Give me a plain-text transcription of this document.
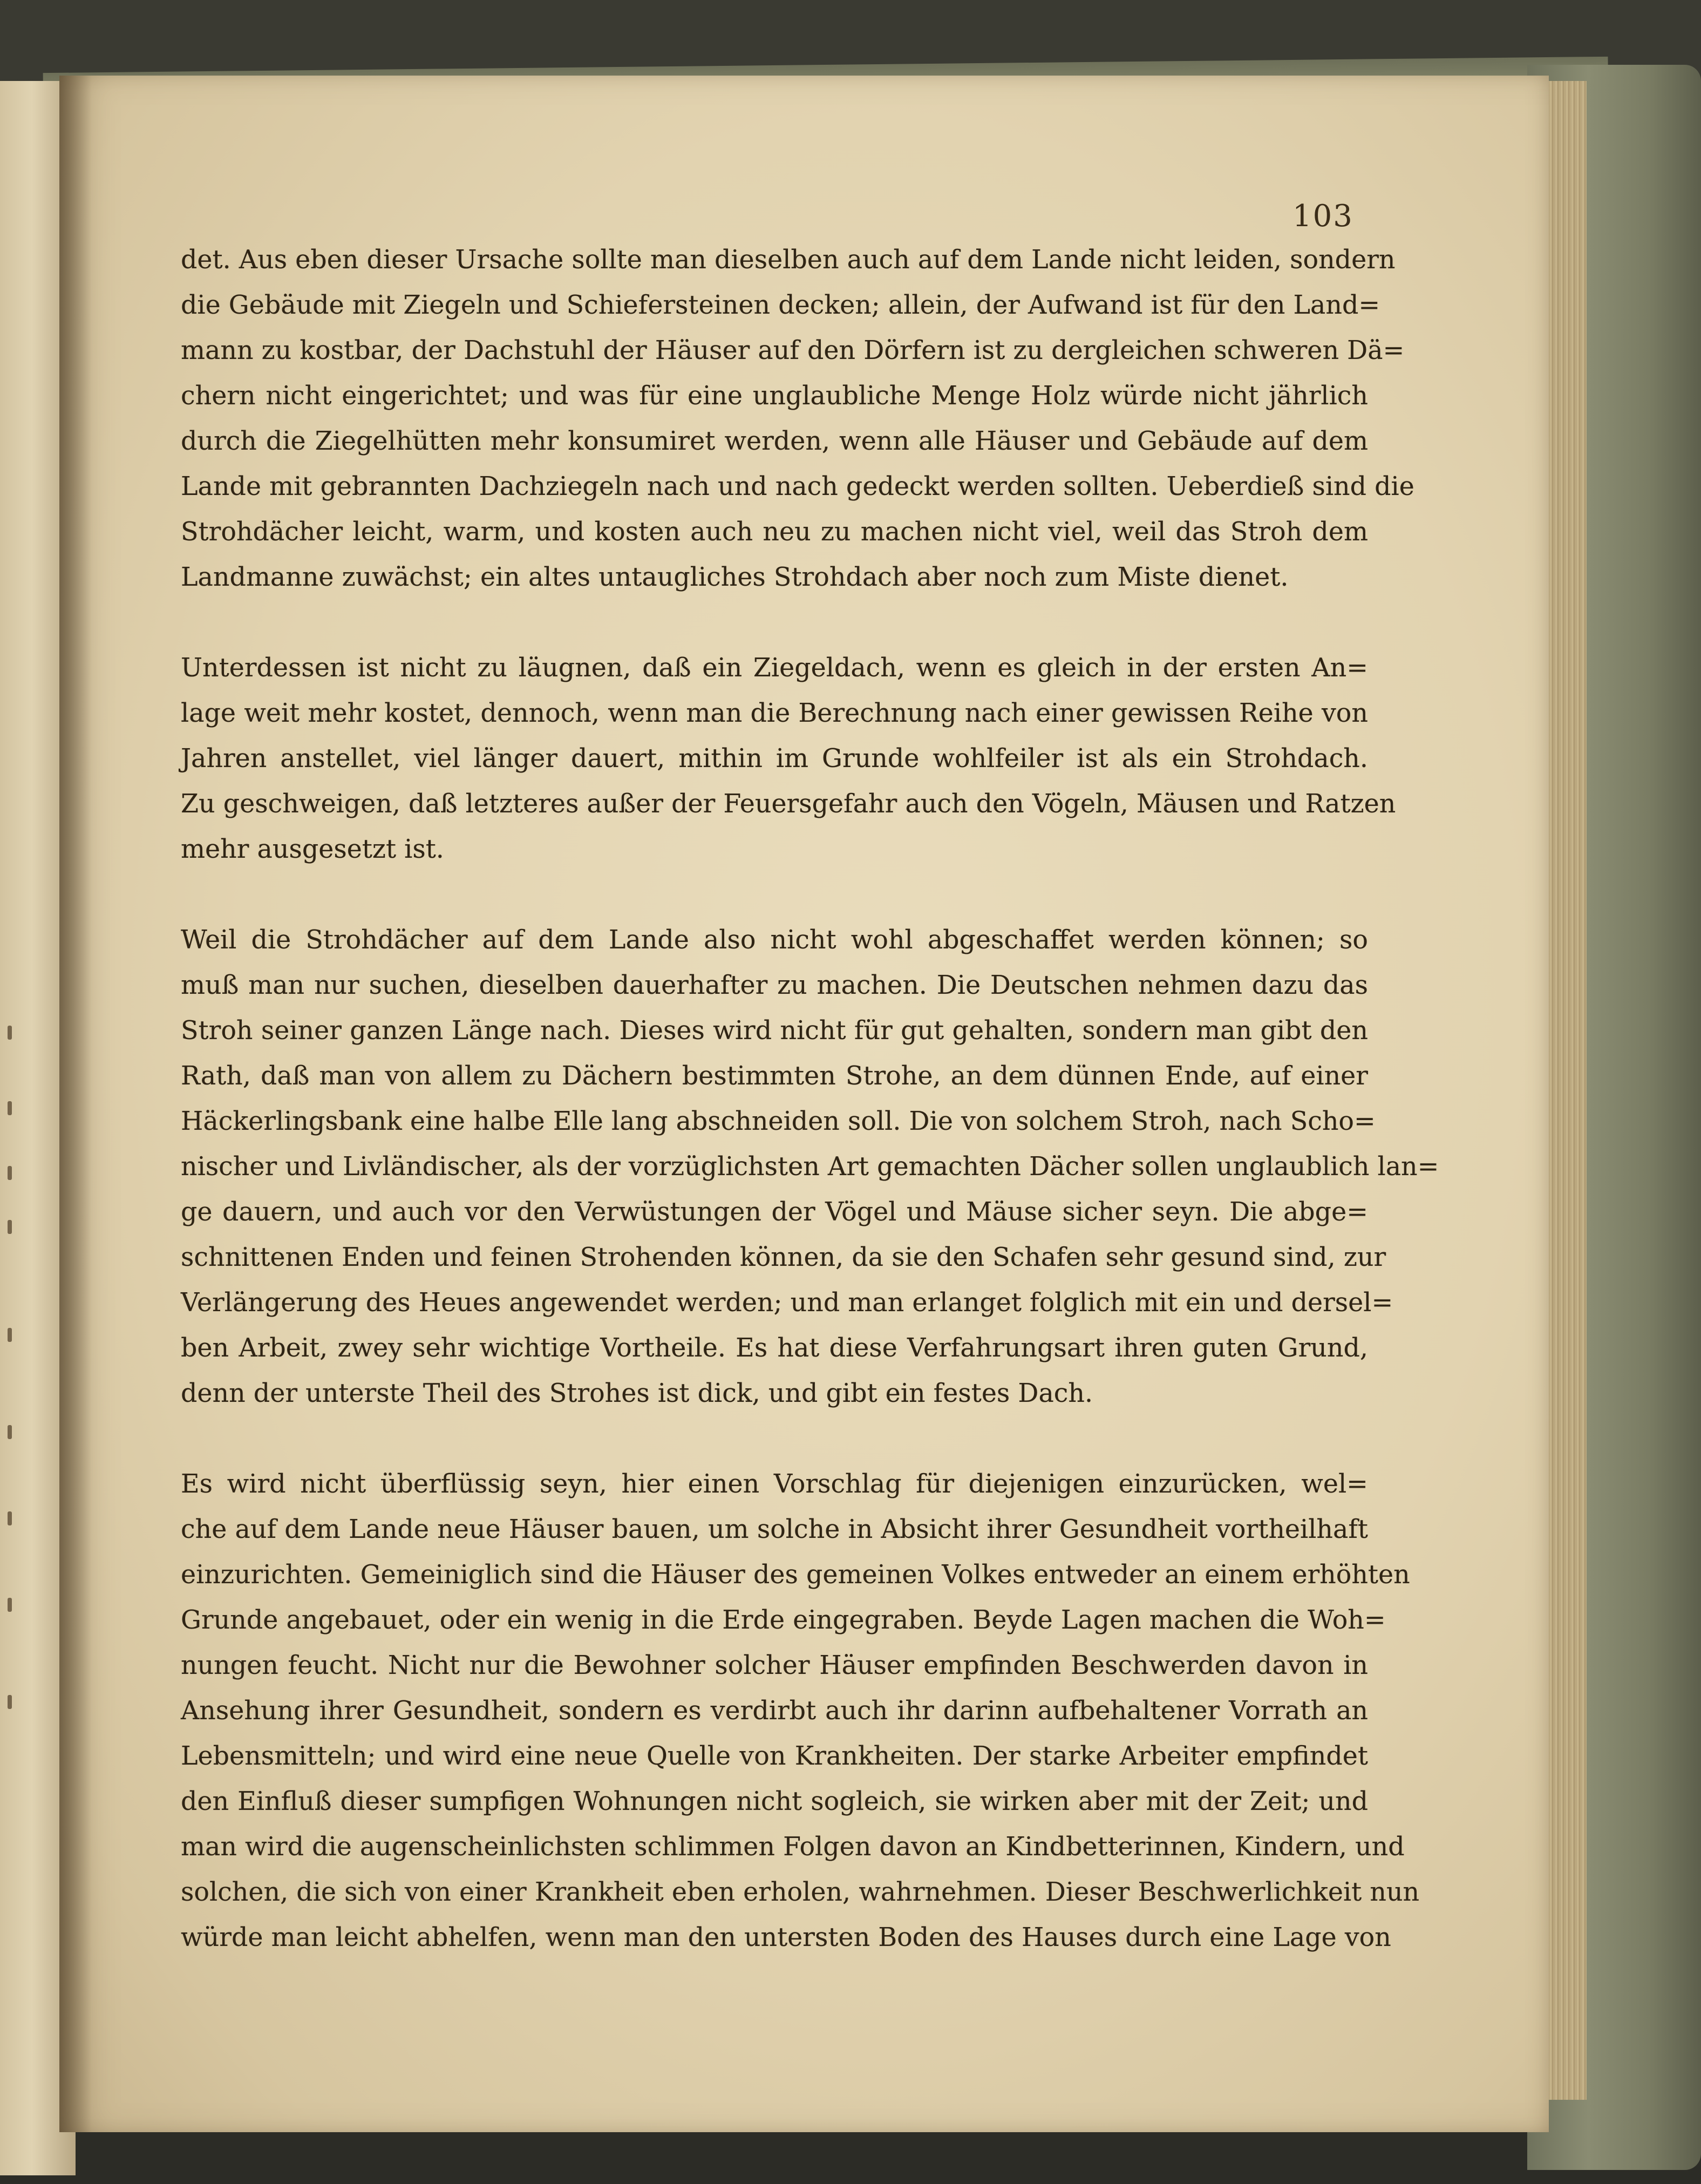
103

det. Aus eben dieser Ursache sollte man dieselben auch auf dem Lande nicht leiden, sondern
die Gebäude mit Ziegeln und Schiefersteinen decken; allein, der Aufwand ist für den Land=
mann zu kostbar, der Dachstuhl der Häuser auf den Dörfern ist zu dergleichen schweren Dä=
chern nicht eingerichtet; und was für eine unglaubliche Menge Holz würde nicht jährlich
durch die Ziegelhütten mehr konsumiret werden, wenn alle Häuser und Gebäude auf dem
Lande mit gebrannten Dachziegeln nach und nach gedeckt werden sollten. Ueberdieß sind die
Strohdächer leicht, warm, und kosten auch neu zu machen nicht viel, weil das Stroh dem
Landmanne zuwächst; ein altes untaugliches Strohdach aber noch zum Miste dienet.

Unterdessen ist nicht zu läugnen, daß ein Ziegeldach, wenn es gleich in der ersten An=
lage weit mehr kostet, dennoch, wenn man die Berechnung nach einer gewissen Reihe von
Jahren anstellet, viel länger dauert, mithin im Grunde wohlfeiler ist als ein Strohdach.
Zu geschweigen, daß letzteres außer der Feuersgefahr auch den Vögeln, Mäusen und Ratzen
mehr ausgesetzt ist.

Weil die Strohdächer auf dem Lande also nicht wohl abgeschaffet werden können; so
muß man nur suchen, dieselben dauerhafter zu machen. Die Deutschen nehmen dazu das
Stroh seiner ganzen Länge nach. Dieses wird nicht für gut gehalten, sondern man gibt den
Rath, daß man von allem zu Dächern bestimmten Strohe, an dem dünnen Ende, auf einer
Häckerlingsbank eine halbe Elle lang abschneiden soll. Die von solchem Stroh, nach Scho=
nischer und Livländischer, als der vorzüglichsten Art gemachten Dächer sollen unglaublich lan=
ge dauern, und auch vor den Verwüstungen der Vögel und Mäuse sicher seyn. Die abge=
schnittenen Enden und feinen Strohenden können, da sie den Schafen sehr gesund sind, zur
Verlängerung des Heues angewendet werden; und man erlanget folglich mit ein und dersel=
ben Arbeit, zwey sehr wichtige Vortheile. Es hat diese Verfahrungsart ihren guten Grund,
denn der unterste Theil des Strohes ist dick, und gibt ein festes Dach.

Es wird nicht überflüssig seyn, hier einen Vorschlag für diejenigen einzurücken, wel=
che auf dem Lande neue Häuser bauen, um solche in Absicht ihrer Gesundheit vortheilhaft
einzurichten. Gemeiniglich sind die Häuser des gemeinen Volkes entweder an einem erhöhten
Grunde angebauet, oder ein wenig in die Erde eingegraben. Beyde Lagen machen die Woh=
nungen feucht. Nicht nur die Bewohner solcher Häuser empfinden Beschwerden davon in
Ansehung ihrer Gesundheit, sondern es verdirbt auch ihr darinn aufbehaltener Vorrath an
Lebensmitteln; und wird eine neue Quelle von Krankheiten. Der starke Arbeiter empfindet
den Einfluß dieser sumpfigen Wohnungen nicht sogleich, sie wirken aber mit der Zeit; und
man wird die augenscheinlichsten schlimmen Folgen davon an Kindbetterinnen, Kindern, und
solchen, die sich von einer Krankheit eben erholen, wahrnehmen. Dieser Beschwerlichkeit nun
würde man leicht abhelfen, wenn man den untersten Boden des Hauses durch eine Lage von
